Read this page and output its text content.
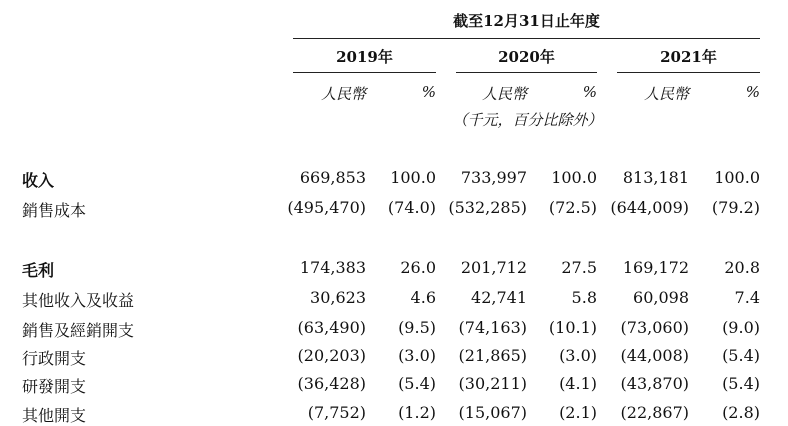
截至12月31日止年度
2019年
人民幣	%
2020年
人民幣	%
2021年
人民幣	%
（千元，百分比除外）
收入	669,853	100.0	733,997	100.0	813,181	100.0
銷售成本	(495,470)	(74.0) (532,285)	(72.5) (644,009)	(79.2)
毛利	174,383	26.0	201,712	27.5	169,172	20.8
其他收入及收益	30,623	4.6	42,741	5.8	60,098	7.4
銷售及經銷開支	(63,490)	(9.5)	(74,163)	(10.1)	(73,060)	(9.0)
行政開支	(20,203)	(3.0)	(21,865)	(3.0)	(44,008)	(5.4)
研發開支	(36,428)	(5.4)	(30,211)	(4.1)	(43,870)	(5.4)
其他開支	(7,752)	(1.2)	(15,067)	(2.1)	(22,867)	(2.8)
